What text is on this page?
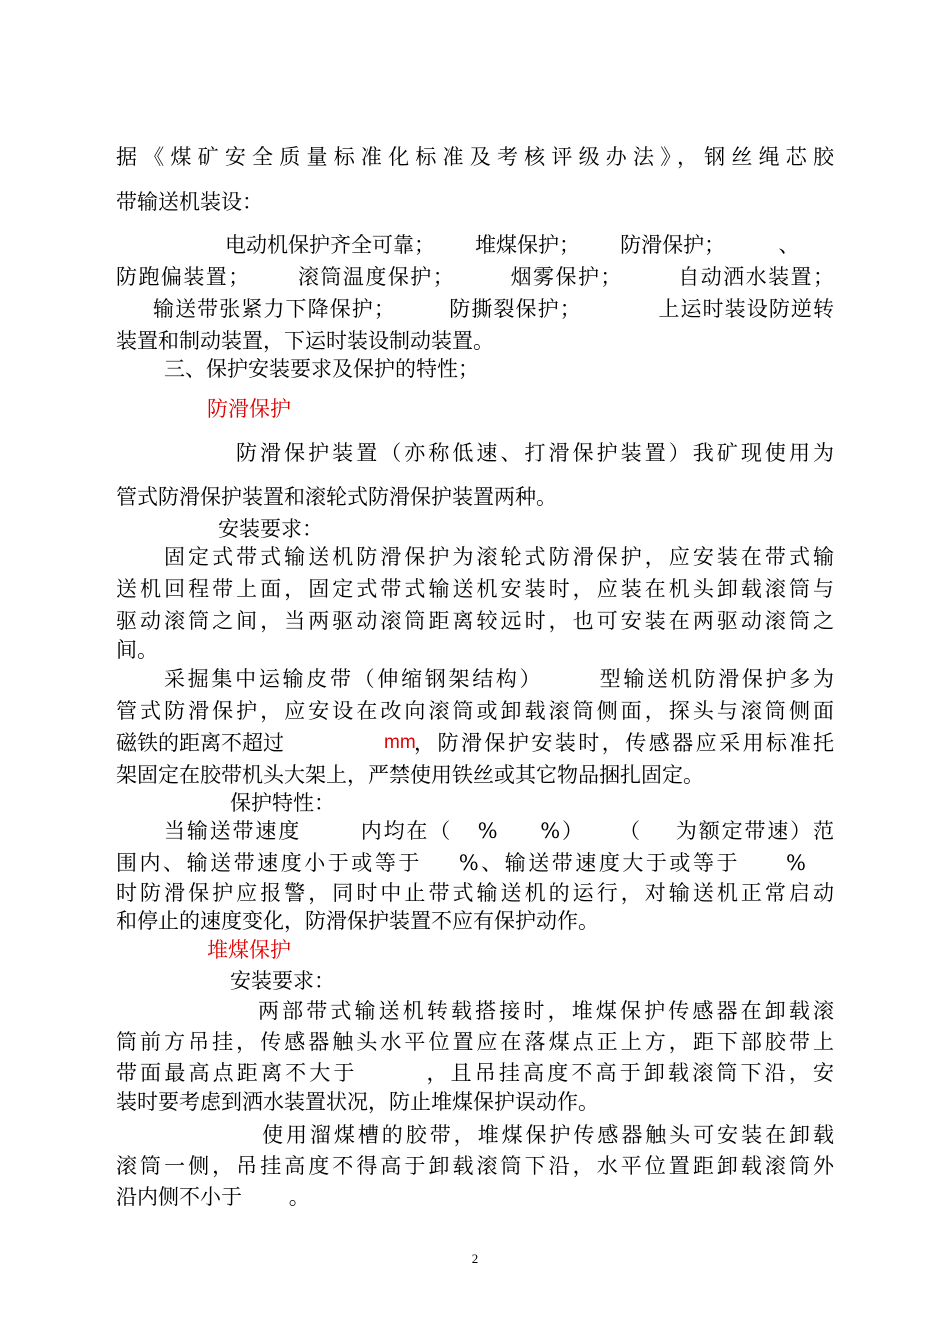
据《煤矿安全质量标准化标准及考核评级办法》，钢丝绳芯胶

带输送机装设：

电动机保护齐全可靠；      堆煤保护；      防滑保护；        、

防跑偏装置；      滚筒温度保护；       烟雾保护；       自动洒水装置；

输送带张紧力下降保护；       防撕裂保护；          上运时装设防逆转

装置和制动装置，下运时装设制动装置。

三、保护安装要求及保护的特性；

防滑保护

防滑保护装置（亦称低速、打滑保护装置）我矿现使用为

管式防滑保护装置和滚轮式防滑保护装置两种。

安装要求：

固定式带式输送机防滑保护为滚轮式防滑保护，应安装在带式输

送机回程带上面，固定式带式输送机安装时，应装在机头卸载滚筒与

驱动滚筒之间，当两驱动滚筒距离较远时，也可安装在两驱动滚筒之

间。

采掘集中运输皮带（伸缩钢架结构）      型输送机防滑保护多为

管式防滑保护，应安设在改向滚筒或卸载滚筒侧面，探头与滚筒侧面

磁铁的距离不超过	mm

，防滑保护安装时，传感器应采用标准托

架固定在胶带机头大架上，严禁使用铁丝或其它物品捆扎固定。

保护特性：

当输送带速度       内均在（   %     %）    （    为额定带速）范

围内、输送带速度小于或等于    %、输送带速度大于或等于     %

时防滑保护应报警，同时中止带式输送机的运行，对输送机正常启动

和停止的速度变化，防滑保护装置不应有保护动作。

堆煤保护

安装要求：

两部带式输送机转载搭接时，堆煤保护传感器在卸载滚

筒前方吊挂，传感器触头水平位置应在落煤点正上方，距下部胶带上

带面最高点距离不大于       ，且吊挂高度不高于卸载滚筒下沿，安

装时要考虑到洒水装置状况，防止堆煤保护误动作。

使用溜煤槽的胶带，堆煤保护传感器触头可安装在卸载

滚筒一侧，吊挂高度不得高于卸载滚筒下沿，水平位置距卸载滚筒外

沿内侧不小于       。

2
